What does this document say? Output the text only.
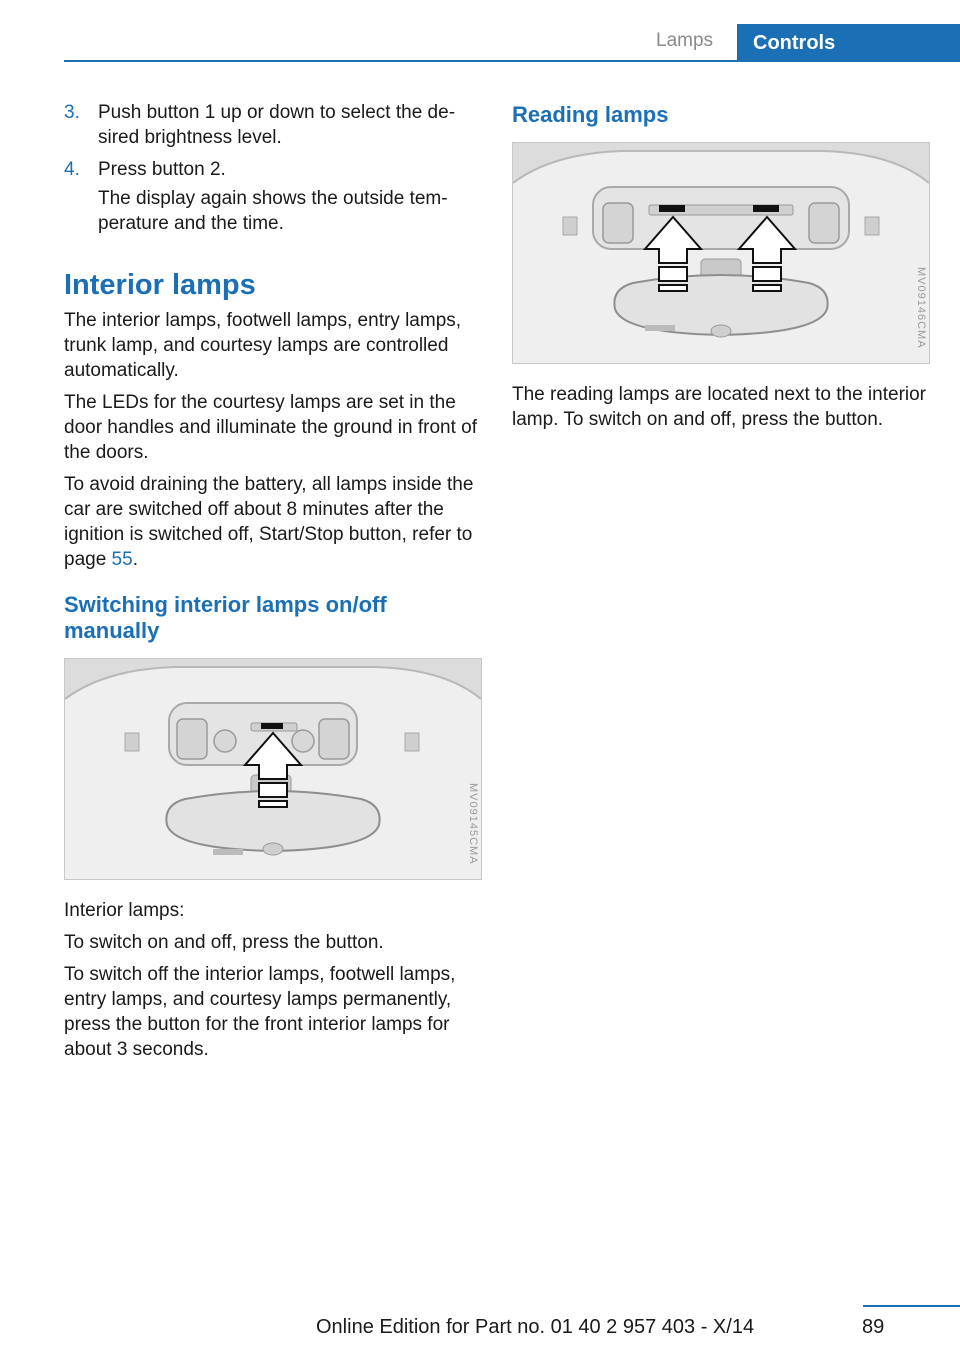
Lamps	Controls
3. Push button 1 up or down to select the desired brightness level.
4. Press button 2.
The display again shows the outside temperature and the time.
Interior lamps

The interior lamps, footwell lamps, entry lamps, trunk lamp, and courtesy lamps are controlled automatically.

The LEDs for the courtesy lamps are set in the door handles and illuminate the ground in front of the doors.

To avoid draining the battery, all lamps inside the car are switched off about 8 minutes after the ignition is switched off, Start/Stop button, refer to page 55.

Switching interior lamps on/off manually
MV09145CMA

Interior lamps:

To switch on and off, press the button.

To switch off the interior lamps, footwell lamps, entry lamps, and courtesy lamps permanently, press the button for the front interior lamps for about 3 seconds.

Reading lamps
MV09146CMA

The reading lamps are located next to the interior lamp. To switch on and off, press the button.

89
Online Edition for Part no. 01 40 2 957 403 - X/14
